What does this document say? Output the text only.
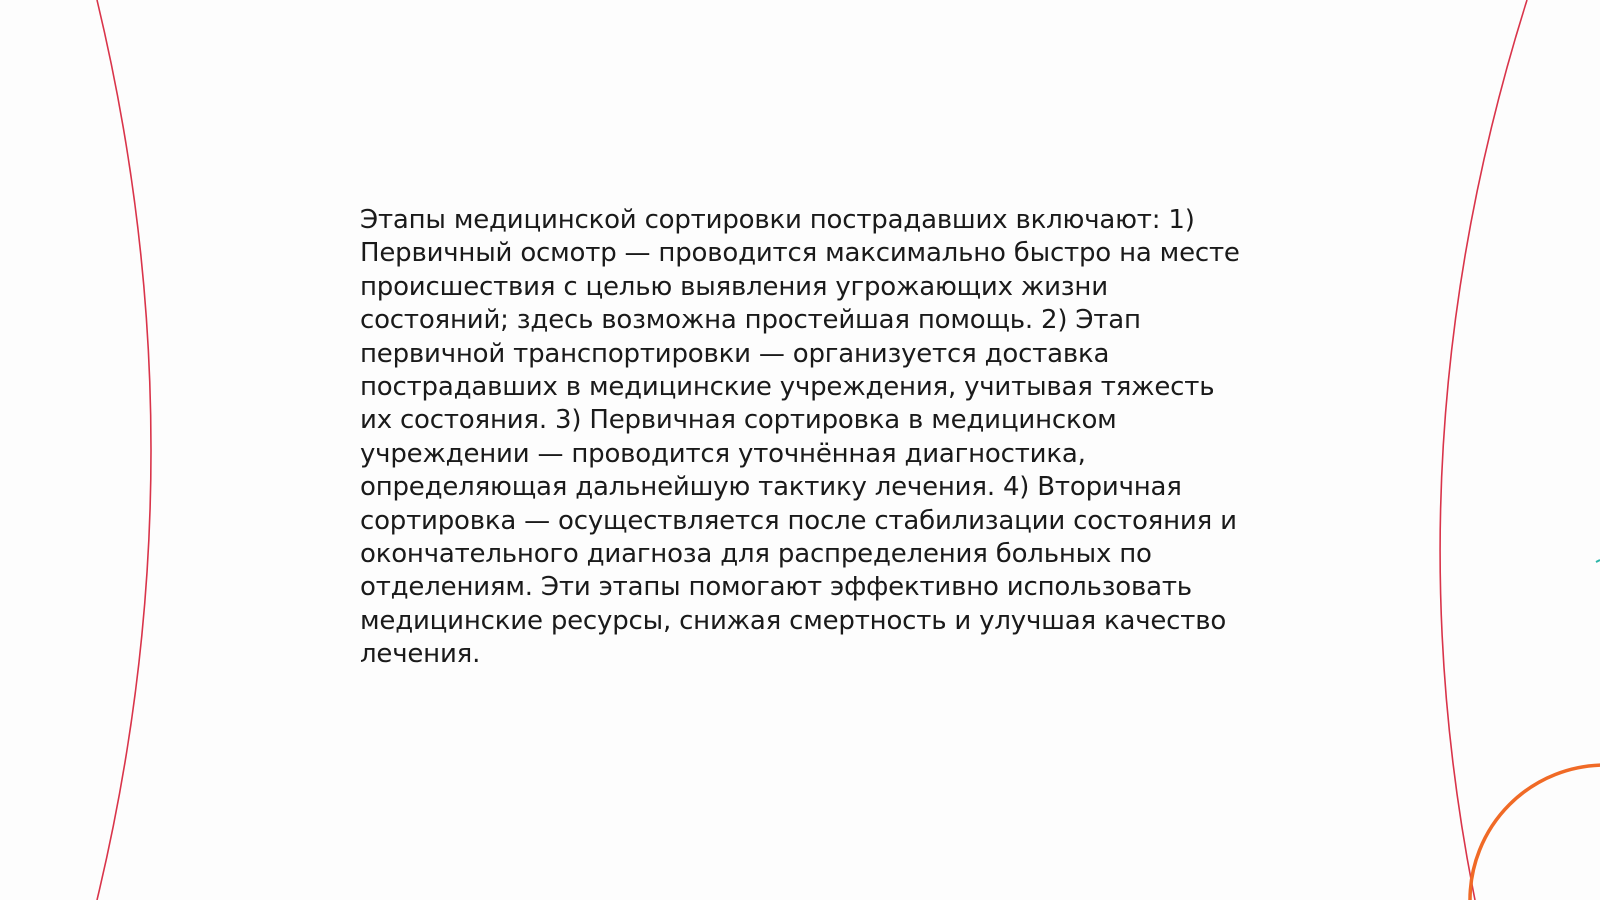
Этапы медицинской сортировки пострадавших включают: 1) Первичный осмотр — проводится максимально быстро на месте происшествия с целью выявления угрожающих жизни состояний; здесь возможна простейшая помощь. 2) Этап первичной транспортировки — организуется доставка пострадавших в медицинские учреждения, учитывая тяжесть их состояния. 3) Первичная сортировка в медицинском учреждении — проводится уточнённая диагностика, определяющая дальнейшую тактику лечения. 4) Вторичная сортировка — осуществляется после стабилизации состояния и окончательного диагноза для распределения больных по отделениям. Эти этапы помогают эффективно использовать медицинские ресурсы, снижая смертность и улучшая качество лечения.
